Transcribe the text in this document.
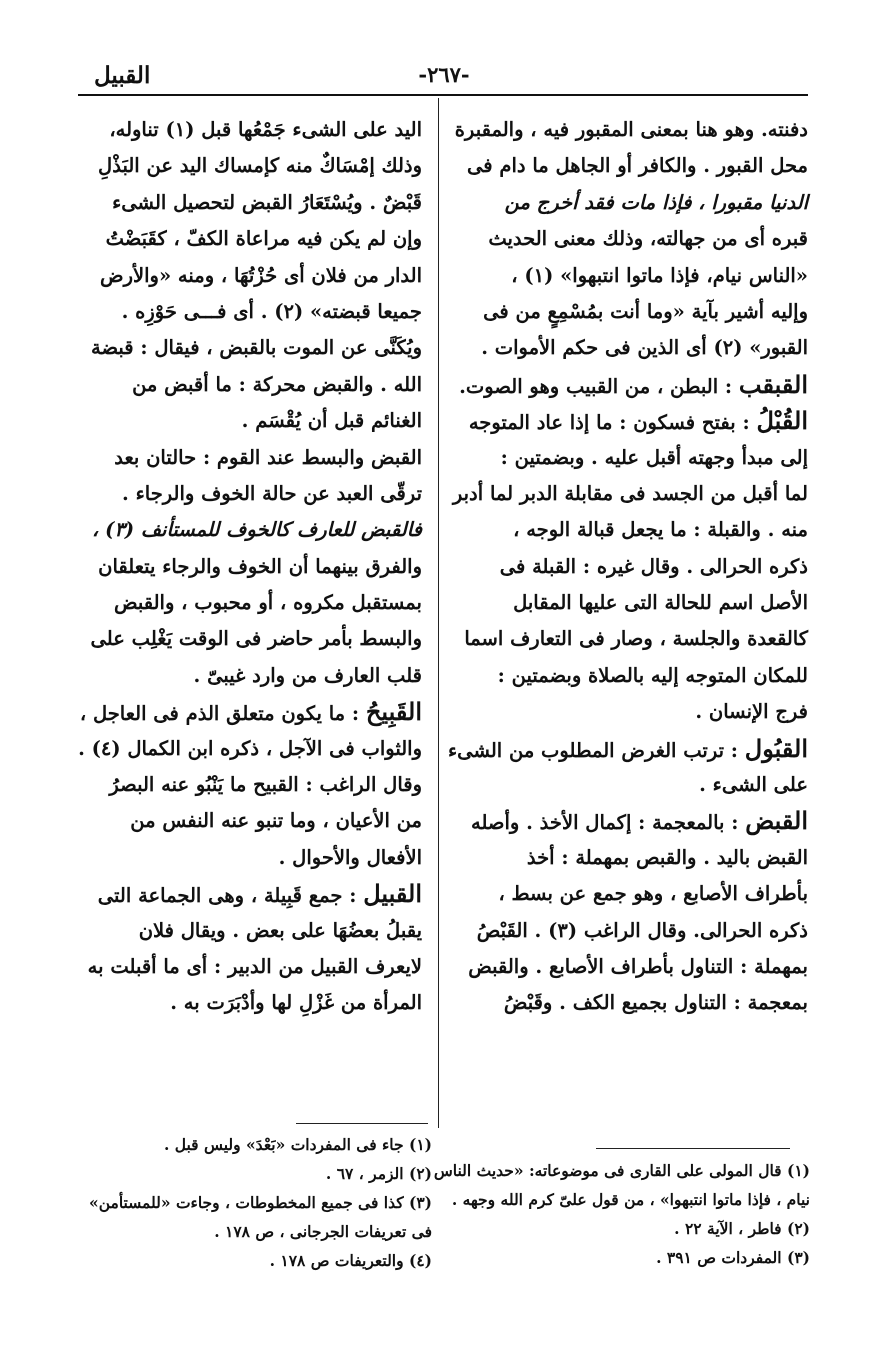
-٢٦٧-
القبيل
دفنته. وهو هنا بمعنى المقبور فيه ، والمقبرة
محل القبور . والكافر أو الجاهل ما دام فى
الدنيا مقبورا ، فإذا مات فقد أخرج من
قبره أى من جهالته، وذلك معنى الحديث
«الناس نيام، فإذا ماتوا انتبهوا» (١) ،
وإليه أشير بآية «وما أنت بمُسْمِعٍ من فى
القبور» (٢) أى الذين فى حكم الأموات .
القبقب : البطن ، من القبيب وهو الصوت.
القُبْلُ : بفتح فسكون : ما إذا عاد المتوجه
إلى مبدأ وجهته أقبل عليه . وبضمتين :
لما أقبل من الجسد فى مقابلة الدبر لما أدبر
منه . والقبلة : ما يجعل قبالة الوجه ،
ذكره الحرالى . وقال غيره : القبلة فى
الأصل اسم للحالة التى عليها المقابل
كالقعدة والجلسة ، وصار فى التعارف اسما
للمكان المتوجه إليه بالصلاة وبضمتين :
فرج الإنسان .
القبُول : ترتب الغرض المطلوب من الشىء
على الشىء .
القبض : بالمعجمة : إكمال الأخذ . وأصله
القبض باليد . والقبص بمهملة : أخذ
بأطراف الأصابع ، وهو جمع عن بسط ،
ذكره الحرالى. وقال الراغب (٣) . القَبْصُ
بمهملة : التناول بأطراف الأصابع . والقبض
بمعجمة : التناول بجميع الكف . وقَبْضُ
اليد على الشىء جَمْعُها قبل (١) تناوله،
وذلك إمْسَاكٌ منه كإمساك اليد عن البَذْلِ
قَبْضٌ . ويُسْتَعَارُ القبض لتحصيل الشىء
وإن لم يكن فيه مراعاة الكفّ ، كقَبَضْتُ
الدار من فلان أى حُزْتُهَا ، ومنه «والأرض
جميعا قبضته» (٢) . أى فـــى حَوْزِه .
ويُكَنَّى عن الموت بالقبض ، فيقال : قبضة
الله . والقبض محركة : ما أقبض من
الغنائم قبل أن يُقْسَم .
القبض والبسط عند القوم : حالتان بعد
ترقّى العبد عن حالة الخوف والرجاء .
فالقبض للعارف كالخوف للمستأنف (٣) ،
والفرق بينهما أن الخوف والرجاء يتعلقان
بمستقبل مكروه ، أو محبوب ، والقبض
والبسط بأمر حاضر فى الوقت يَغْلِب على
قلب العارف من وارد غيبىّ .
القَبِيحُ : ما يكون متعلق الذم فى العاجل ،
والثواب فى الآجل ، ذكره ابن الكمال (٤) .
وقال الراغب : القبيح ما يَنْبُو عنه البصرُ
من الأعيان ، وما تنبو عنه النفس من
الأفعال والأحوال .
القبيل : جمع قَبِيلة ، وهى الجماعة التى
يقبلُ بعضُهَا على بعض . ويقال فلان
لايعرف القبيل من الدبير : أى ما أقبلت به
المرأة من غَزْلِ لها وأدْبَرَت به .
(١) جاء فى المفردات «بَعْدَ» وليس قبل .
(٢) الزمر ، ٦٧ .
(٣) كذا فى جميع المخطوطات ، وجاءت «للمستأمن»
فى تعريفات الجرجانى ، ص ١٧٨ .
(٤) والتعريفات ص ١٧٨ .
(١) قال المولى على القارى فى موضوعاته: «حديث الناس
نيام ، فإذا ماتوا انتبهوا» ، من قول علىّ كرم الله وجهه .
(٢) فاطر ، الآية ٢٢ .
(٣) المفردات ص ٣٩١ .
